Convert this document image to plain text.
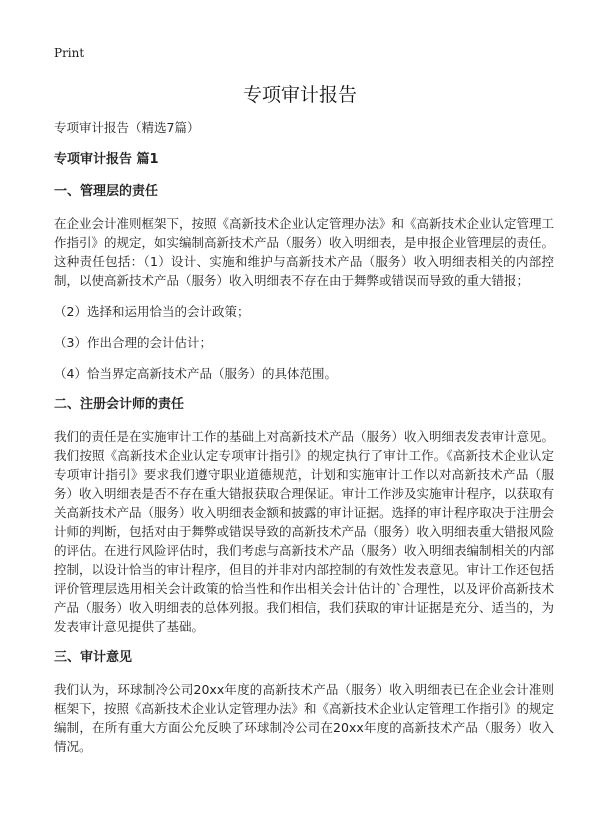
Print
专项审计报告

专项审计报告（精选7篇）

专项审计报告 篇1

一、管理层的责任

在企业会计准则框架下，按照《高新技术企业认定管理办法》和《高新技术企业认定管理工作指引》的规定，如实编制高新技术产品（服务）收入明细表，是申报企业管理层的责任。这种责任包括：（1）设计、实施和维护与高新技术产品（服务）收入明细表相关的内部控制，以使高新技术产品（服务）收入明细表不存在由于舞弊或错误而导致的重大错报；

（2）选择和运用恰当的会计政策；

（3）作出合理的会计估计；

（4）恰当界定高新技术产品（服务）的具体范围。

二、注册会计师的责任

我们的责任是在实施审计工作的基础上对高新技术产品（服务）收入明细表发表审计意见。我们按照《高新技术企业认定专项审计指引》的规定执行了审计工作。《高新技术企业认定专项审计指引》要求我们遵守职业道德规范，计划和实施审计工作以对高新技术产品（服务）收入明细表是否不存在重大错报获取合理保证。审计工作涉及实施审计程序，以获取有关高新技术产品（服务）收入明细表金额和披露的审计证据。选择的审计程序取决于注册会计师的判断，包括对由于舞弊或错误导致的高新技术产品（服务）收入明细表重大错报风险的评估。在进行风险评估时，我们考虑与高新技术产品（服务）收入明细表编制相关的内部控制，以设计恰当的审计程序，但目的并非对内部控制的有效性发表意见。审计工作还包括评价管理层选用相关会计政策的恰当性和作出相关会计估计的`合理性，以及评价高新技术产品（服务）收入明细表的总体列报。我们相信，我们获取的审计证据是充分、适当的，为发表审计意见提供了基础。

三、审计意见

我们认为，环球制冷公司20xx年度的高新技术产品（服务）收入明细表已在企业会计准则框架下，按照《高新技术企业认定管理办法》和《高新技术企业认定管理工作指引》的规定编制，在所有重大方面公允反映了环球制冷公司在20xx年度的高新技术产品（服务）收入情况。
